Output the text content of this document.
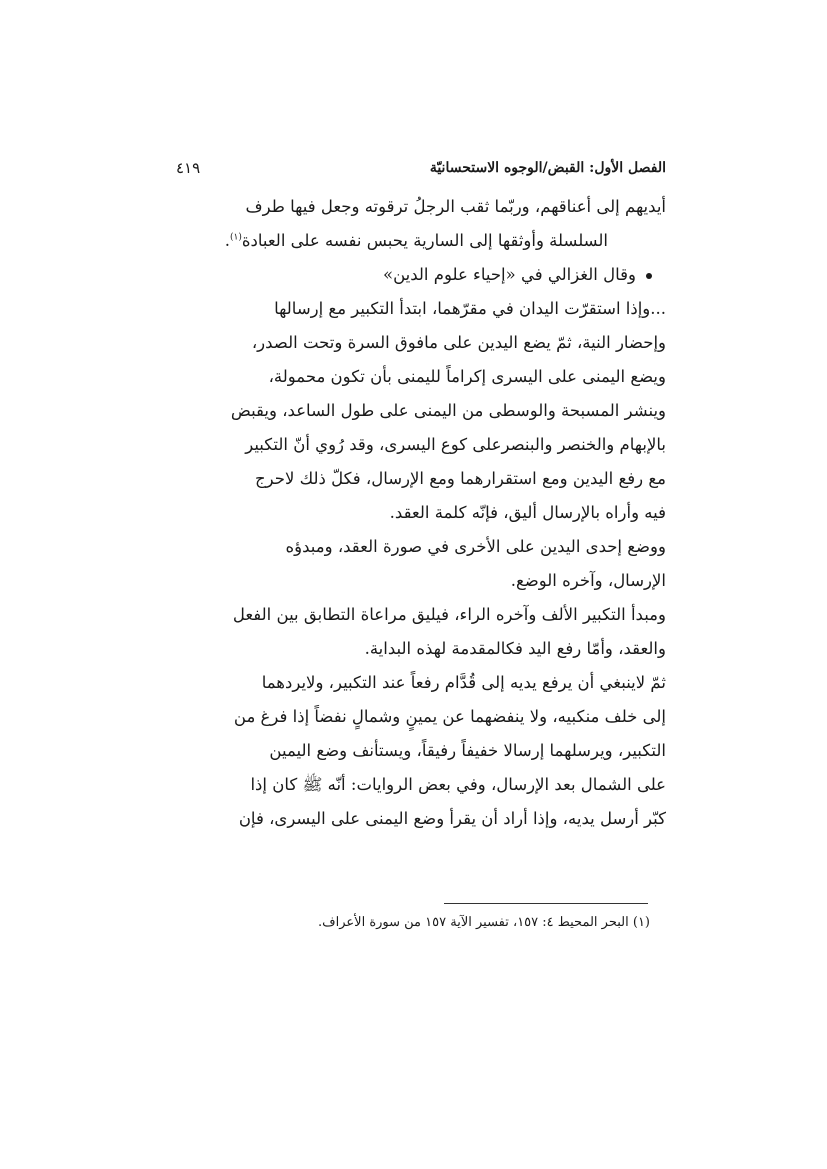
الفصل الأول: القبض/الوجوه الاستحسانيّة
٤١٩
أيديهم إلى أعناقهم، وربّما ثقب الرجلُ ترقوته وجعل فيها طرف
السلسلة وأوثقها إلى السارية يحبس نفسه على العبادة$^{(١)}$.
وقال الغزالي في «إحياء علوم الدين»
...وإذا استقرّت اليدان في مقرّهما، ابتدأ التكبير مع إرسالها
وإحضار النية، ثمّ يضع اليدين على مافوق السرة وتحت الصدر،
ويضع اليمنى على اليسرى إكراماً لليمنى بأن تكون محمولة،
وينشر المسبحة والوسطى من اليمنى على طول الساعد، ويقبض
بالإبهام والخنصر والبنصرعلى كوع اليسرى، وقد رُوي أنّ التكبير
مع رفع اليدين ومع استقرارهما ومع الإرسال، فكلّ ذلك لاحرج
فيه وأراه بالإرسال أليق، فإنّه كلمة العقد.
ووضع إحدى اليدين على الأخرى في صورة العقد، ومبدؤه
الإرسال، وآخره الوضع.
ومبدأ التكبير الألف وآخره الراء، فيليق مراعاة التطابق بين الفعل
والعقد، وأمّا رفع اليد فكالمقدمة لهذه البداية.
ثمّ لاينبغي أن يرفع يديه إلى قُدَّام رفعاً عند التكبير، ولايردهما
إلى خلف منكبيه، ولا ينفضهما عن يمينٍ وشمالٍ نفضاً إذا فرغ من
التكبير، ويرسلهما إرسالا خفيفاً رفيقاً، ويستأنف وضع اليمين
على الشمال بعد الإرسال، وفي بعض الروايات: أنّه ﷺ كان إذا
كبّر أرسل يديه، وإذا أراد أن يقرأ وضع اليمنى على اليسرى، فإن
(١) البحر المحيط ٤: ١٥٧، تفسير الآية ١٥٧ من سورة الأعراف.
